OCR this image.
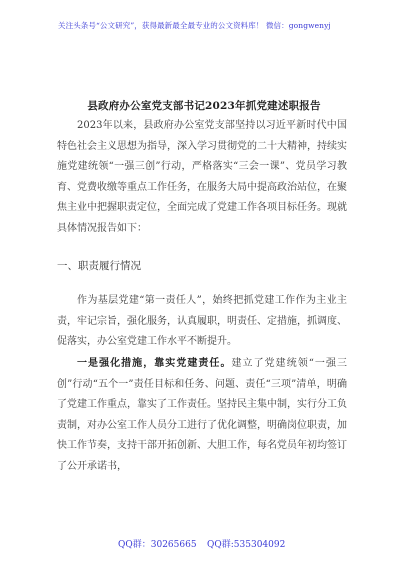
关注头条号“公文研究”，获得最新最全最专业的公文资料库！ 微信：gongwenyj
县政府办公室党支部书记2023年抓党建述职报告

2023年以来，县政府办公室党支部坚持以习近平新时代中国特色社会主义思想为指导，深入学习贯彻党的二十大精神，持续实施党建统领“一强三创”行动，严格落实“三会一课”、党员学习教育、党费收缴等重点工作任务，在服务大局中提高政治站位，在聚焦主业中把握职责定位，全面完成了党建工作各项目标任务。现就具体情况报告如下：

一、职责履行情况

作为基层党建“第一责任人”，始终把抓党建工作作为主业主责，牢记宗旨，强化服务，认真履职，明责任、定措施，抓调度、促落实，办公室党建工作水平不断提升。

一是强化措施，靠实党建责任。建立了党建统领“一强三创”行动“五个一”责任目标和任务、问题、责任“三项”清单，明确了党建工作重点，靠实了工作责任。坚持民主集中制，实行分工负责制，对办公室工作人员分工进行了优化调整，明确岗位职责，加快工作节奏，支持干部开拓创新、大胆工作，每名党员年初均签订了公开承诺书，

QQ群：30265665 QQ群:535304092
